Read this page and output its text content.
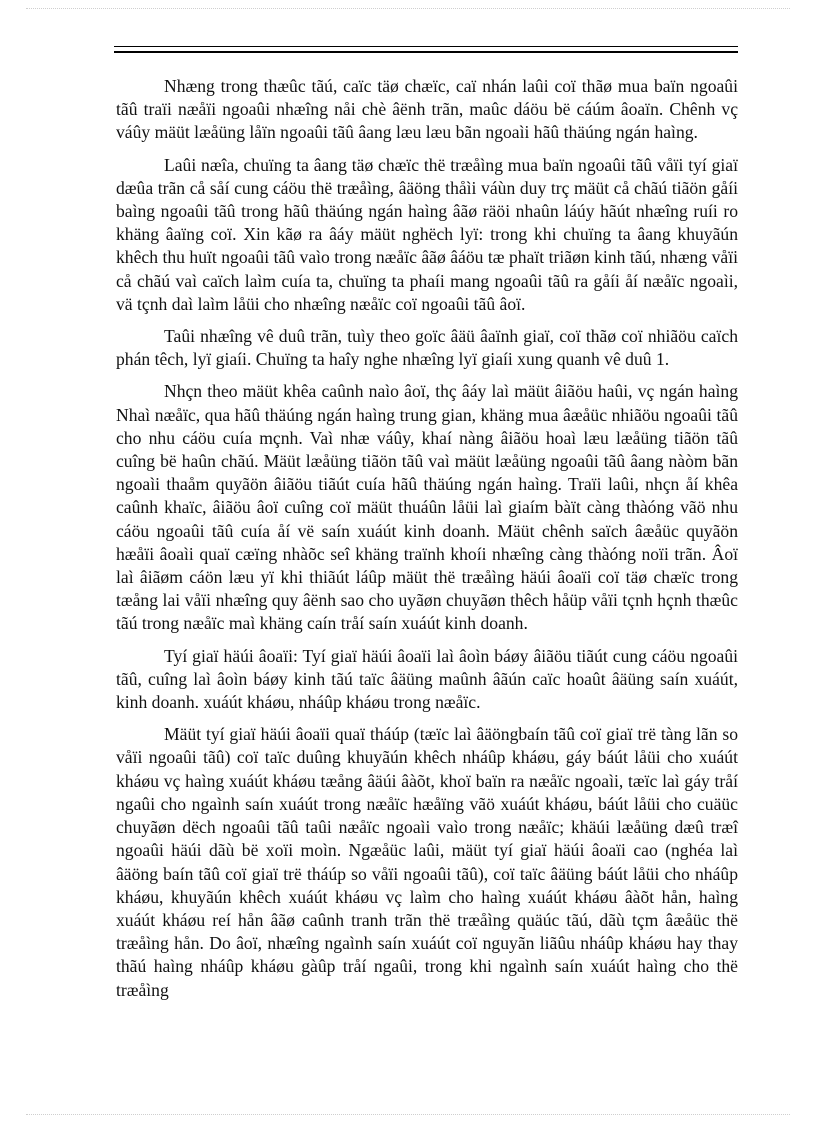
Nhæng trong thæûc tãú, caïc täø chæïc, caï nhán laûi coï thãø mua baïn ngoaûi tãû traïi næåïi ngoaûi nhæîng nåi chè âënh trãn, maûc dáöu bë cáúm âoaïn. Chênh vç váûy mäüt læåüng låïn ngoaûi tãû âang læu læu bãn ngoaìi hãû thäúng ngán haìng.

Laûi næîa, chuïng ta âang täø chæïc thë træåìng mua baïn ngoaûi tãû våïi tyí giaï dæûa trãn cå såí cung cáöu thë træåìng, âäöng thåìi váùn duy trç mäüt cå chãú tiãön gåíi baìng ngoaûi tãû trong hãû thäúng ngán haìng âãø räöi nhaûn láúy hãút nhæîng ruíi ro khäng âaïng coï. Xin kãø ra âáy mäüt nghëch lyï: trong khi chuïng ta âang khuyãún khêch thu huït ngoaûi tãû vaìo trong næåïc âãø âáöu tæ phaït triãøn kinh tãú, nhæng våïi cå chãú vaì caïch laìm cuía ta, chuïng ta phaíi mang ngoaûi tãû ra gåíi åí næåïc ngoaìi, vä tçnh daì laìm låüi cho nhæîng næåïc coï ngoaûi tãû âoï.

Taûi nhæîng vê duû trãn, tuìy theo goïc âäü âaïnh giaï, coï thãø coï nhiãöu caïch phán têch, lyï giaíi. Chuïng ta haîy nghe nhæîng lyï giaíi xung quanh vê duû 1.

Nhçn theo mäüt khêa caûnh naìo âoï, thç âáy laì mäüt âiãöu haûi, vç ngán haìng Nhaì næåïc, qua hãû thäúng ngán haìng trung gian, khäng mua âæåüc nhiãöu ngoaûi tãû cho nhu cáöu cuía mçnh. Vaì nhæ váûy, khaí nàng âiãöu hoaì læu læåüng tiãön tãû cuîng bë haûn chãú. Mäüt læåüng tiãön tãû vaì mäüt læåüng ngoaûi tãû âang nàòm bãn ngoaìi thaåm quyãön âiãöu tiãút cuía hãû thäúng ngán haìng. Traïi laûi, nhçn åí khêa caûnh khaïc, âiãöu âoï cuîng coï mäüt thuáûn låüi laì giaím bàït càng thàóng vãö nhu cáöu ngoaûi tãû cuía åí vë saín xuáút kinh doanh. Mäüt chênh saïch âæåüc quyãön hæåïi âoaìi quaï cæïng nhàõc seî khäng traïnh khoíi nhæîng càng thàóng noïi trãn. Âoï laì âiãøm cáön læu yï khi thiãút láûp mäüt thë træåìng häúi âoaïi coï täø chæïc trong tæång lai våïi nhæîng quy âënh sao cho uyãøn chuyãøn thêch håüp våïi tçnh hçnh thæûc tãú trong næåïc maì khäng caín tråí saín xuáút kinh doanh.

Tyí giaï häúi âoaïi: Tyí giaï häúi âoaïi laì âoìn báøy âiãöu tiãút cung cáöu ngoaûi tãû, cuîng laì âoìn báøy kinh tãú taïc âäüng maûnh âãún caïc hoaût âäüng saín xuáút, kinh doanh. xuáút kháøu, nháûp kháøu trong næåïc.

Mäüt tyí giaï häúi âoaïi quaï tháúp (tæïc laì âäöngbaín tãû coï giaï trë tàng lãn so våïi ngoaûi tãû) coï taïc duûng khuyãún khêch nháûp kháøu, gáy báút låüi cho xuáút kháøu vç haìng xuáút kháøu tæång âäúi âàõt, khoï baïn ra næåïc ngoaìi, tæïc laì gáy tråí ngaûi cho ngaình saín xuáút trong næåïc hæåïng vãö xuáút kháøu, báút låüi cho cuäüc chuyãøn dëch ngoaûi tãû taûi næåïc ngoaìi vaìo trong næåïc; khäúi læåüng dæû træî ngoaûi häúi dãù bë xoïi moìn. Ngæåüc laûi, mäüt tyí giaï häúi âoaïi cao (nghéa laì âäöng baín tãû coï giaï trë tháúp so våïi ngoaûi tãû), coï taïc âäüng báút låüi cho nháûp kháøu, khuyãún khêch xuáút kháøu vç laìm cho haìng xuáút kháøu âàõt hån, haìng xuáút kháøu reí hån âãø caûnh tranh trãn thë træåìng quäúc tãú, dãù tçm âæåüc thë træåìng hån. Do âoï, nhæîng ngaình saín xuáút coï nguyãn liãûu nháûp kháøu hay thay thãú haìng nháûp kháøu gàûp tråí ngaûi, trong khi ngaình saín xuáút haìng cho thë træåìng
